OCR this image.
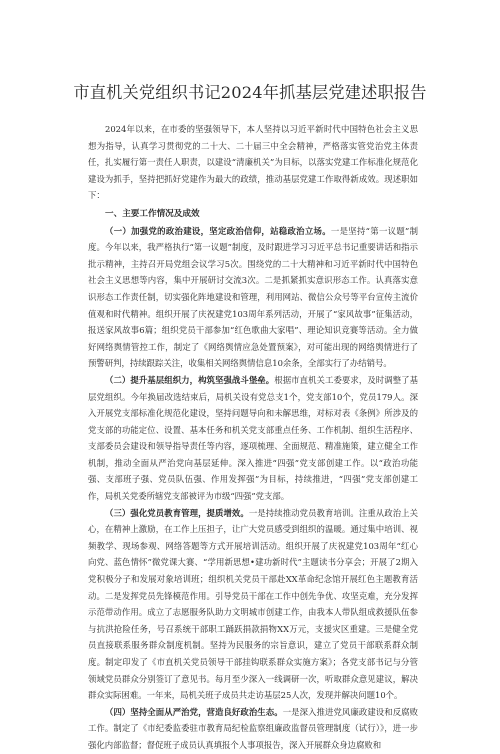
市直机关党组织书记2024年抓基层党建述职报告

2024年以来，在市委的坚强领导下，本人坚持以习近平新时代中国特色社会主义思想为指导，认真学习贯彻党的二十大、二十届三中全会精神，严格落实管党治党主体责任，扎实履行第一责任人职责，以建设“清廉机关”为目标，以落实党建工作标准化规范化建设为抓手，坚持把抓好党建作为最大的政绩，推动基层党建工作取得新成效。现述职如下：

一、主要工作情况及成效

（一）加强党的政治建设，坚定政治信仰，站稳政治立场。一是坚持“第一议题”制度。今年以来，我严格执行“第一议题”制度，及时跟进学习习近平总书记重要讲话和指示批示精神，主持召开局党组会议学习5次。围绕党的二十大精神和习近平新时代中国特色社会主义思想等内容，集中开展研讨交流3次。二是抓紧抓实意识形态工作。认真落实意识形态工作责任制，切实强化阵地建设和管理，利用网站、微信公众号等平台宣传主流价值观和时代精神。组织开展了庆祝建党103周年系列活动，开展了“家风故事”征集活动，报送家风故事6篇；组织党员干部参加“红色歌曲大家唱”、理论知识竞赛等活动。全力做好网络舆情管控工作，制定了《网络舆情应急处置预案》，对可能出现的网络舆情进行了预警研判，持续跟踪关注，收集相关网络舆情信息10余条，全部实行了办结销号。

（二）提升基层组织力，构筑坚强战斗堡垒。根据市直机关工委要求，及时调整了基层党组织。今年换届改选结束后，局机关设有党总支1个，党支部10个，党员179人。深入开展党支部标准化规范化建设，坚持问题导向和未解思维，对标对表《条例》所涉及的党支部的功能定位、设置、基本任务和机关党支部重点任务、工作机制、组织生活程序、支部委员会建设和领导指导责任等内容，逐项梳理、全面规范、精准施策，建立健全工作机制，推动全面从严治党向基层延伸。深入推进“四强”党支部创建工作。以“政治功能强、支部班子强、党员队伍强、作用发挥强”为目标，持续推进，“四强”党支部创建工作，局机关党委所辖党支部被评为市级“四强”党支部。

（三）强化党员教育管理，提质增效。一是持续推动党员教育培训。注重从政治上关心，在精神上激励，在工作上压担子，让广大党员感受到组织的温暖。通过集中培训、视频教学、现场参观、网络答题等方式开展培训活动。组织开展了庆祝建党103周年“红心向党、蓝色情怀”微党课大赛、“学用新思想•建功新时代”主题读书分享会；开展了2期入党积极分子和发展对象培训班；组织机关党员干部赴XX革命纪念馆开展红色主题教育活动。二是发挥党员先锋模范作用。引导党员干部在工作中创先争优、攻坚克难，充分发挥示范带动作用。成立了志愿服务队助力文明城市创建工作，由我本人带队组成救援队伍参与抗洪抢险任务，号召系统干部职工踊跃捐款捐物XX万元，支援灾区重建。三是健全党员直接联系服务群众制度机制。坚持为民服务的宗旨意识，建立了党员干部联系群众制度。制定印发了《市直机关党员领导干部挂钩联系群众实施方案》；各党支部书记与分管领域党员群众分别签订了意见书。每月至少深入一线调研一次，听取群众意见建议，解决群众实际困难。一年来，局机关班子成员共走访基层25人次，发现并解决问题10个。

（四）坚持全面从严治党，营造良好政治生态。一是深入推进党风廉政建设和反腐败工作。制定了《市纪委监委驻市教育局纪检监察组廉政监督员管理制度（试行）》，进一步强化内部监督；督促班子成员认真填报个人事项报告，深入开展群众身边腐败和
